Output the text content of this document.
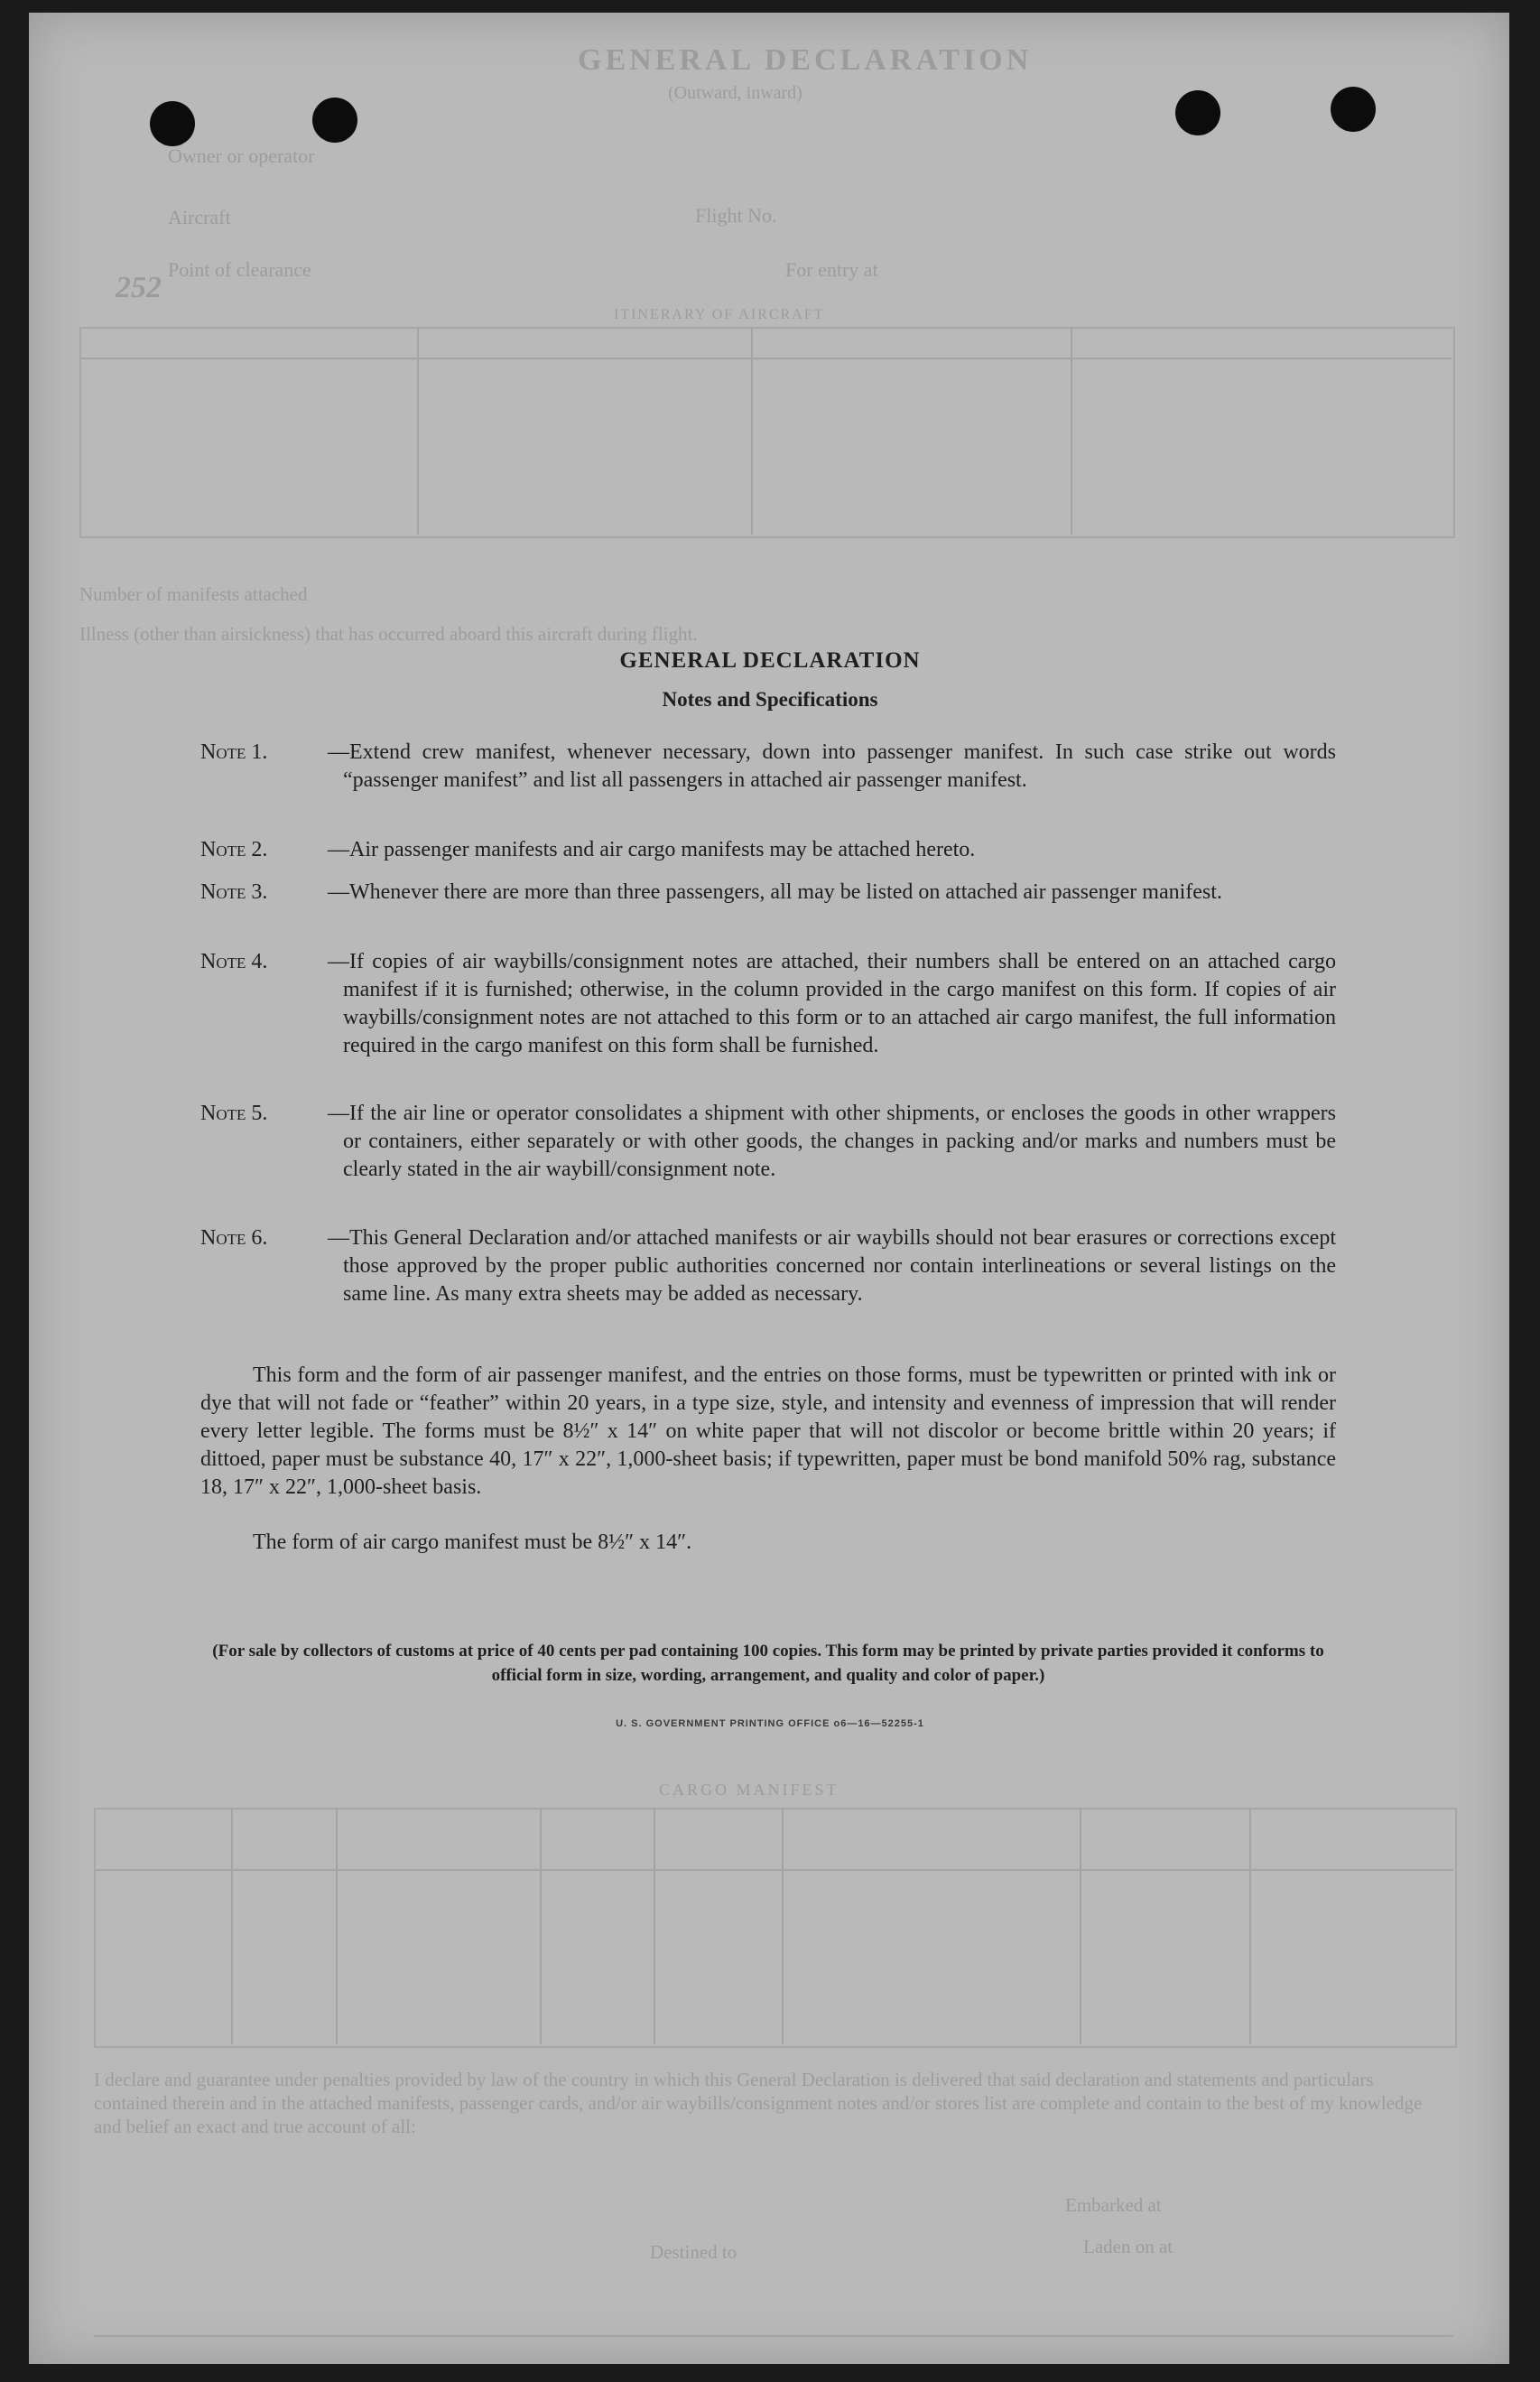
GENERAL DECLARATION
(Outward, inward)
Owner or operator
Aircraft	Flight No.
Point of clearance	For entry at
252
ITINERARY OF AIRCRAFT
Number of manifests attached
Illness (other than airsickness) that has occurred aboard this aircraft during flight.
CARGO MANIFEST
I declare and guarantee under penalties provided by law of the country in which this General Declaration is delivered that said declaration and statements and particulars contained therein and in the attached manifests, passenger cards, and/or air waybills/consignment notes and/or stores list are complete and contain to the best of my knowledge and belief an exact and true account of all:
Embarked at
Destined to	Laden on at
GENERAL DECLARATION
Notes and Specifications
Note 1.	—Extend crew manifest, whenever necessary, down into passenger manifest. In such case strike out words “passenger manifest” and list all passengers in attached air passenger manifest.
Note 2.	—Air passenger manifests and air cargo manifests may be attached hereto.
Note 3.	—Whenever there are more than three passengers, all may be listed on attached air passenger manifest.
Note 4.	—If copies of air waybills/consignment notes are attached, their numbers shall be entered on an attached cargo manifest if it is furnished; otherwise, in the column provided in the cargo manifest on this form. If copies of air waybills/consignment notes are not attached to this form or to an attached air cargo manifest, the full information required in the cargo manifest on this form shall be furnished.
Note 5.	—If the air line or operator consolidates a shipment with other shipments, or encloses the goods in other wrappers or containers, either separately or with other goods, the changes in packing and/or marks and numbers must be clearly stated in the air waybill/consignment note.
Note 6.	—This General Declaration and/or attached manifests or air waybills should not bear erasures or corrections except those approved by the proper public authorities concerned nor contain interlineations or several listings on the same line. As many extra sheets may be added as necessary.
This form and the form of air passenger manifest, and the entries on those forms, must be typewritten or printed with ink or dye that will not fade or “feather” within 20 years, in a type size, style, and intensity and evenness of impression that will render every letter legible. The forms must be 8½″ x 14″ on white paper that will not discolor or become brittle within 20 years; if dittoed, paper must be substance 40, 17″ x 22″, 1,000-sheet basis; if typewritten, paper must be bond manifold 50% rag, substance 18, 17″ x 22″, 1,000-sheet basis.
The form of air cargo manifest must be 8½″ x 14″.
(For sale by collectors of customs at price of 40 cents per pad containing 100 copies. This form may be printed by private parties provided it conforms to official form in size, wording, arrangement, and quality and color of paper.)
U. S. GOVERNMENT PRINTING OFFICE o6—16—52255-1
